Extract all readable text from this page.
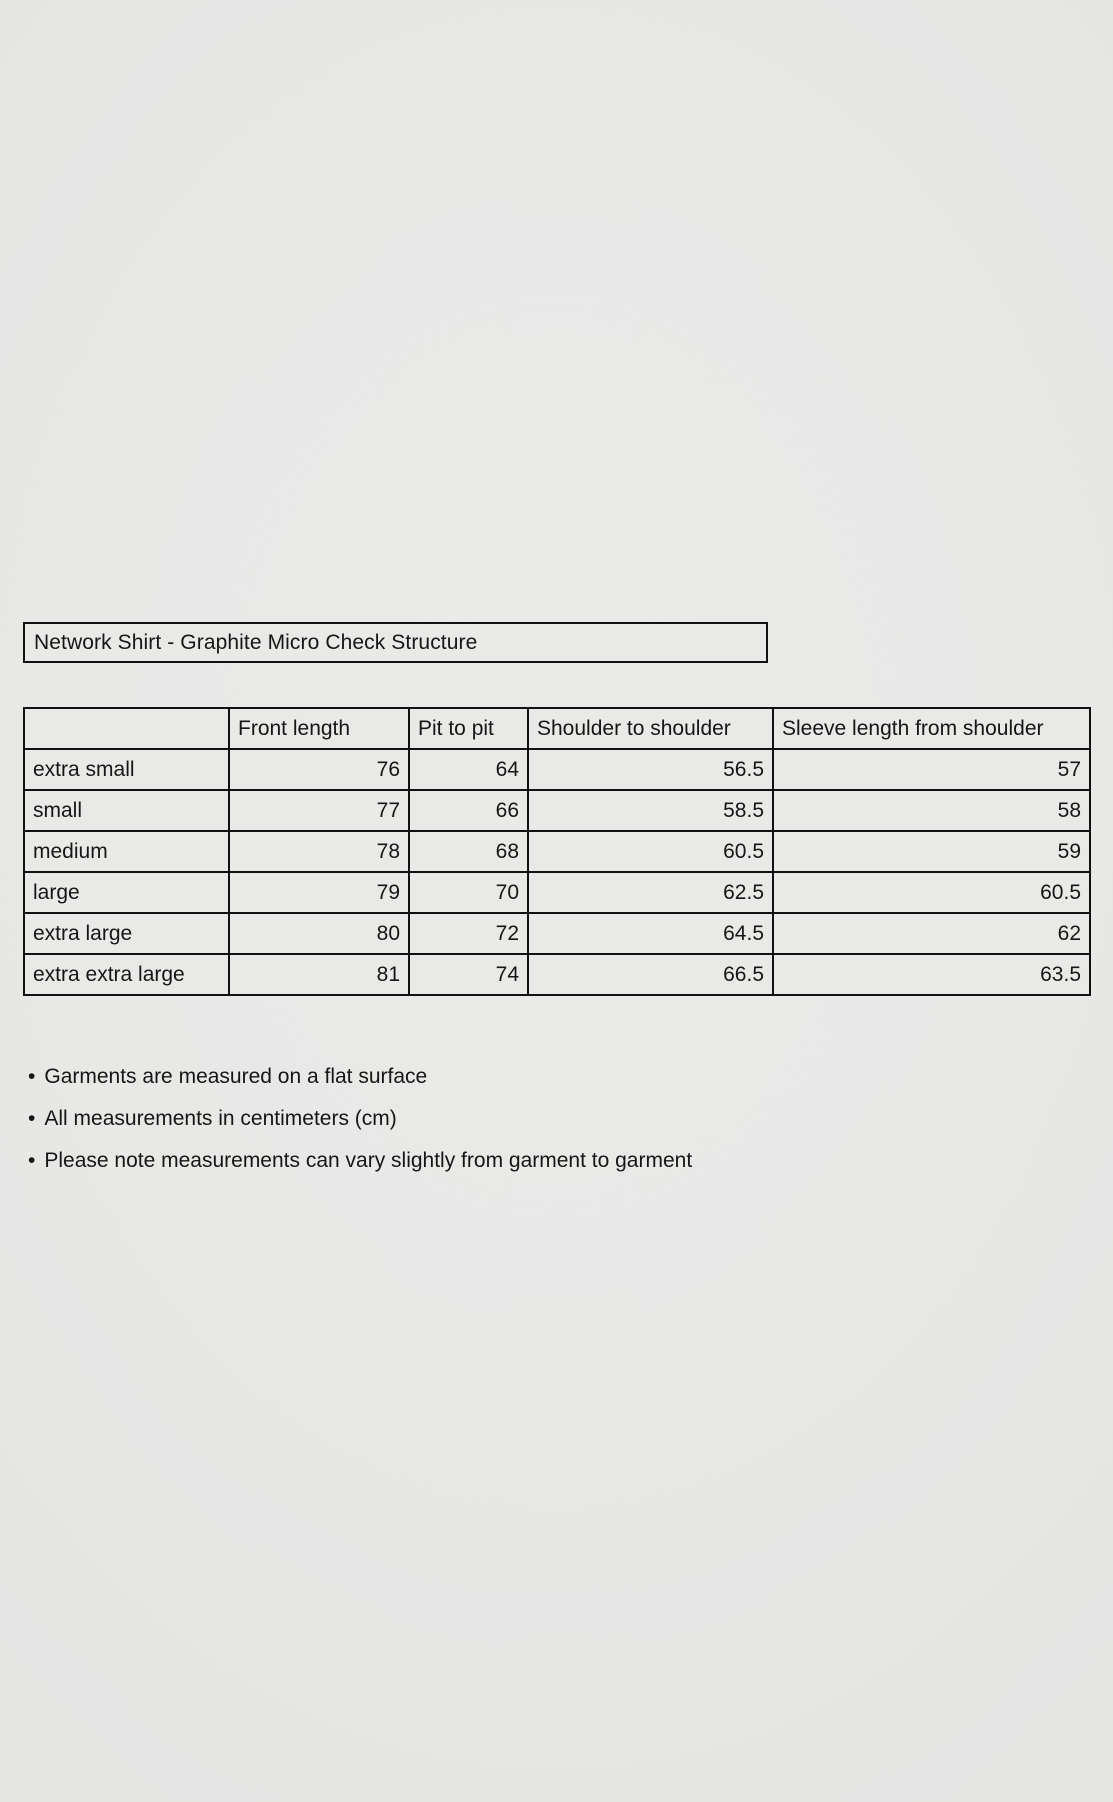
Network Shirt - Graphite Micro Check Structure
	Front length	Pit to pit	Shoulder to shoulder	Sleeve length from shoulder
extra small	76	64	56.5	57
small	77	66	58.5	58
medium	78	68	60.5	59
large	79	70	62.5	60.5
extra large	80	72	64.5	62
extra extra large	81	74	66.5	63.5
• Garments are measured on a flat surface
• All measurements in centimeters (cm)
• Please note measurements can vary slightly from garment to garment
